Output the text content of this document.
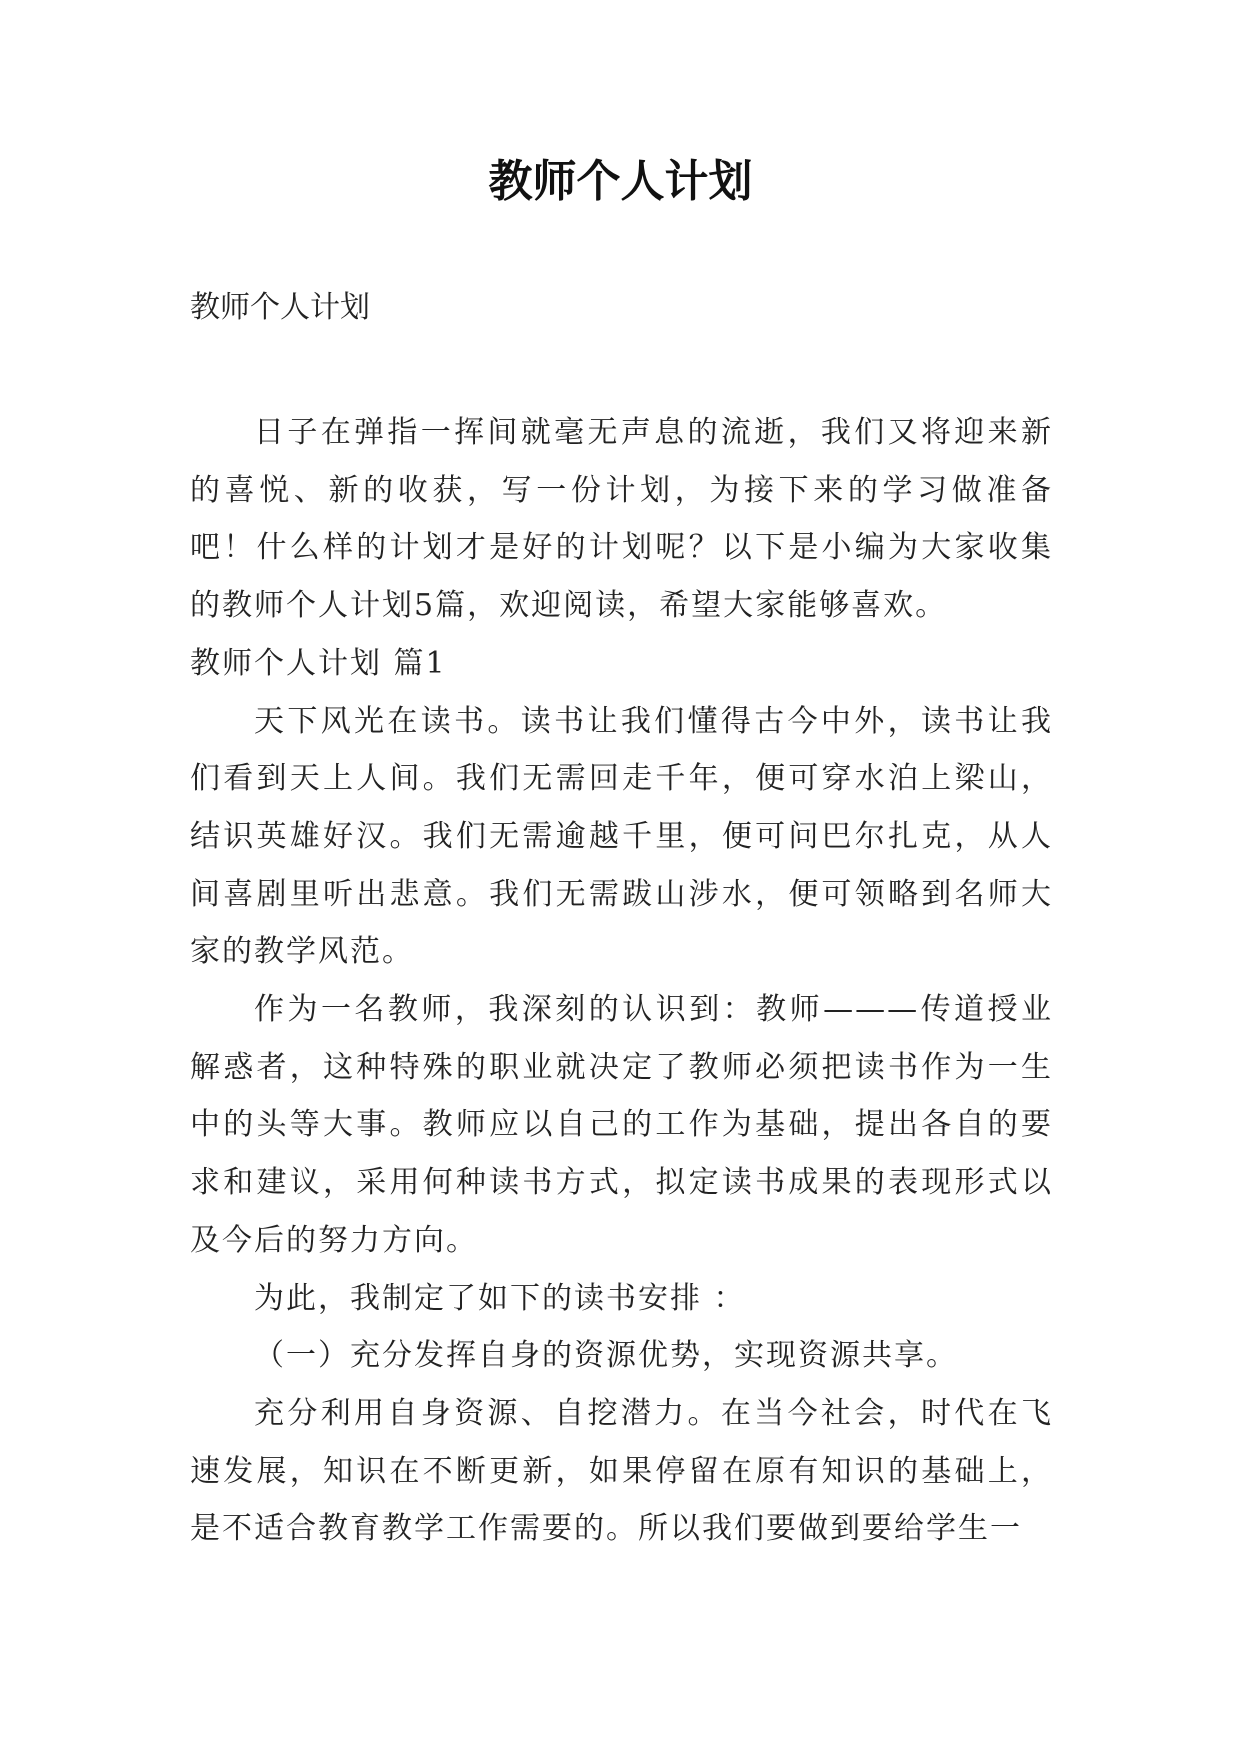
教师个人计划
教师个人计划

日子在弹指一挥间就毫无声息的流逝，我们又将迎来新的喜悦、新的收获，写一份计划，为接下来的学习做准备吧！什么样的计划才是好的计划呢？以下是小编为大家收集的教师个人计划5篇，欢迎阅读，希望大家能够喜欢。

教师个人计划 篇1

天下风光在读书。读书让我们懂得古今中外，读书让我们看到天上人间。我们无需回走千年，便可穿水泊上梁山，结识英雄好汉。我们无需逾越千里，便可问巴尔扎克，从人间喜剧里听出悲意。我们无需跋山涉水，便可领略到名师大家的教学风范。

作为一名教师，我深刻的认识到：教师———传道授业解惑者，这种特殊的职业就决定了教师必须把读书作为一生中的头等大事。教师应以自己的工作为基础，提出各自的要求和建议，采用何种读书方式，拟定读书成果的表现形式以及今后的努力方向。

为此，我制定了如下的读书安排 ：

（一）充分发挥自身的资源优势，实现资源共享。

充分利用自身资源、自挖潜力。在当今社会，时代在飞速发展，知识在不断更新，如果停留在原有知识的基础上，是不适合教育教学工作需要的。所以我们要做到要给学生一
